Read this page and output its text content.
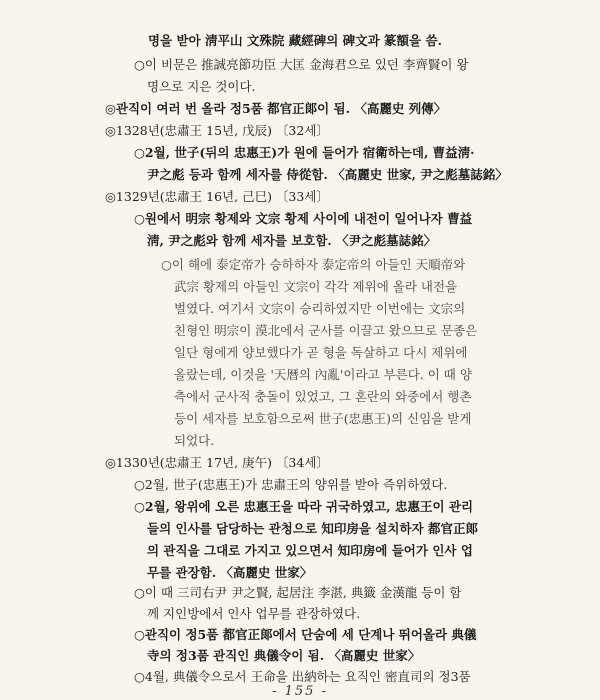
명을 받아 淸平山 文殊院 藏經碑의 碑文과 篆額을 씀.
○이 비문은 推誠亮節功臣 大匡 金海君으로 있던 李齊賢이 왕
명으로 지은 것이다.
◎관직이 여러 번 올라 정5품 都官正郞이 됨. 〈高麗史 列傳〉
◎1328년(忠肅王 15년, 戊辰) 〔32세〕
○2월, 世子(뒤의 忠惠王)가 원에 들어가 宿衛하는데, 曹益淸·
尹之彪 등과 함께 세자를 侍從함. 〈高麗史 世家, 尹之彪墓誌銘〉
◎1329년(忠肅王 16년, 己巳) 〔33세〕
○원에서 明宗 황제와 文宗 황제 사이에 내전이 일어나자 曹益
淸, 尹之彪와 함께 세자를 보호함. 〈尹之彪墓誌銘〉
○이 해에 泰定帝가 승하하자 泰定帝의 아들인 天順帝와
武宗 황제의 아들인 文宗이 각각 제위에 올라 내전을
벌였다. 여기서 文宗이 승리하였지만 이번에는 文宗의
친형인 明宗이 漠北에서 군사를 이끌고 왔으므로 문종은
일단 형에게 양보했다가 곧 형을 독살하고 다시 제위에
올랐는데, 이것을 '天曆의 內亂'이라고 부른다. 이 때 양
측에서 군사적 충돌이 있었고, 그 혼란의 와중에서 행촌
등이 세자를 보호함으로써 世子(忠惠王)의 신임을 받게
되었다.
◎1330년(忠肅王 17년, 庚午) 〔34세〕
○2월, 世子(忠惠王)가 忠肅王의 양위를 받아 즉위하였다.
○2월, 왕위에 오른 忠惠王을 따라 귀국하였고, 忠惠王이 관리
들의 인사를 담당하는 관청으로 知印房을 설치하자 都官正郞
의 관직을 그대로 가지고 있으면서 知印房에 들어가 인사 업
무를 관장함. 〈高麗史 世家〉
○이 때 三司右尹 尹之賢, 起居注 李湛, 典籤 金漢龍 등이 함
께 지인방에서 인사 업무를 관장하였다.
○관직이 정5품 都官正郞에서 단숨에 세 단계나 뛰어올라 典儀
寺의 정3품 관직인 典儀令이 됨. 〈高麗史 世家〉
○4월, 典儀令으로서 王命을 出納하는 요직인 密直司의 정3품
- 155 -
